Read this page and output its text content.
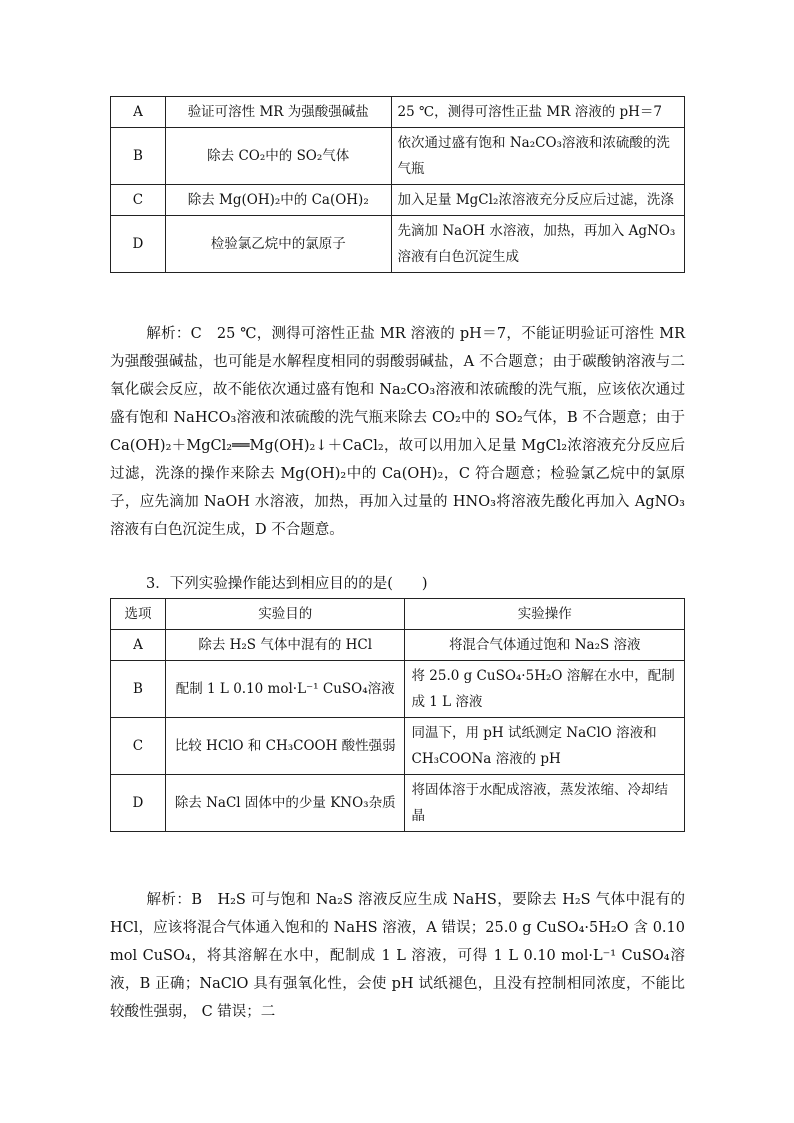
A	验证可溶性 MR 为强酸强碱盐	25 ℃，测得可溶性正盐 MR 溶液的 pH＝7
B	除去 CO₂中的 SO₂气体	依次通过盛有饱和 Na₂CO₃溶液和浓硫酸的洗气瓶
C	除去 Mg(OH)₂中的 Ca(OH)₂	加入足量 MgCl₂浓溶液充分反应后过滤，洗涤
D	检验氯乙烷中的氯原子	先滴加 NaOH 水溶液，加热，再加入 AgNO₃溶液有白色沉淀生成

解析：C　25 ℃，测得可溶性正盐 MR 溶液的 pH＝7，不能证明验证可溶性 MR 为强酸强碱盐，也可能是水解程度相同的弱酸弱碱盐，A 不合题意；由于碳酸钠溶液与二氧化碳会反应，故不能依次通过盛有饱和 Na₂CO₃溶液和浓硫酸的洗气瓶，应该依次通过盛有饱和 NaHCO₃溶液和浓硫酸的洗气瓶来除去 CO₂中的 SO₂气体，B 不合题意；由于 Ca(OH)₂＋MgCl₂══Mg(OH)₂↓＋CaCl₂，故可以用加入足量 MgCl₂浓溶液充分反应后过滤，洗涤的操作来除去 Mg(OH)₂中的 Ca(OH)₂，C 符合题意；检验氯乙烷中的氯原子，应先滴加 NaOH 水溶液，加热，再加入过量的 HNO₃将溶液先酸化再加入 AgNO₃溶液有白色沉淀生成，D 不合题意。

3．下列实验操作能达到相应目的的是(　　)

选项	实验目的	实验操作
A	除去 H₂S 气体中混有的 HCl	将混合气体通过饱和 Na₂S 溶液
B	配制 1 L 0.10 mol·L⁻¹ CuSO₄溶液	将 25.0 g CuSO₄·5H₂O 溶解在水中，配制成 1 L 溶液
C	比较 HClO 和 CH₃COOH 酸性强弱	同温下，用 pH 试纸测定 NaClO 溶液和 CH₃COONa 溶液的 pH
D	除去 NaCl 固体中的少量 KNO₃杂质	将固体溶于水配成溶液，蒸发浓缩、冷却结晶

解析：B　H₂S 可与饱和 Na₂S 溶液反应生成 NaHS，要除去 H₂S 气体中混有的 HCl，应该将混合气体通入饱和的 NaHS 溶液，A 错误；25.0 g CuSO₄·5H₂O 含 0.10 mol CuSO₄，将其溶解在水中，配制成 1 L 溶液，可得 1 L 0.10 mol·L⁻¹ CuSO₄溶液，B 正确；NaClO 具有强氧化性，会使 pH 试纸褪色，且没有控制相同浓度，不能比较酸性强弱， C 错误；二
